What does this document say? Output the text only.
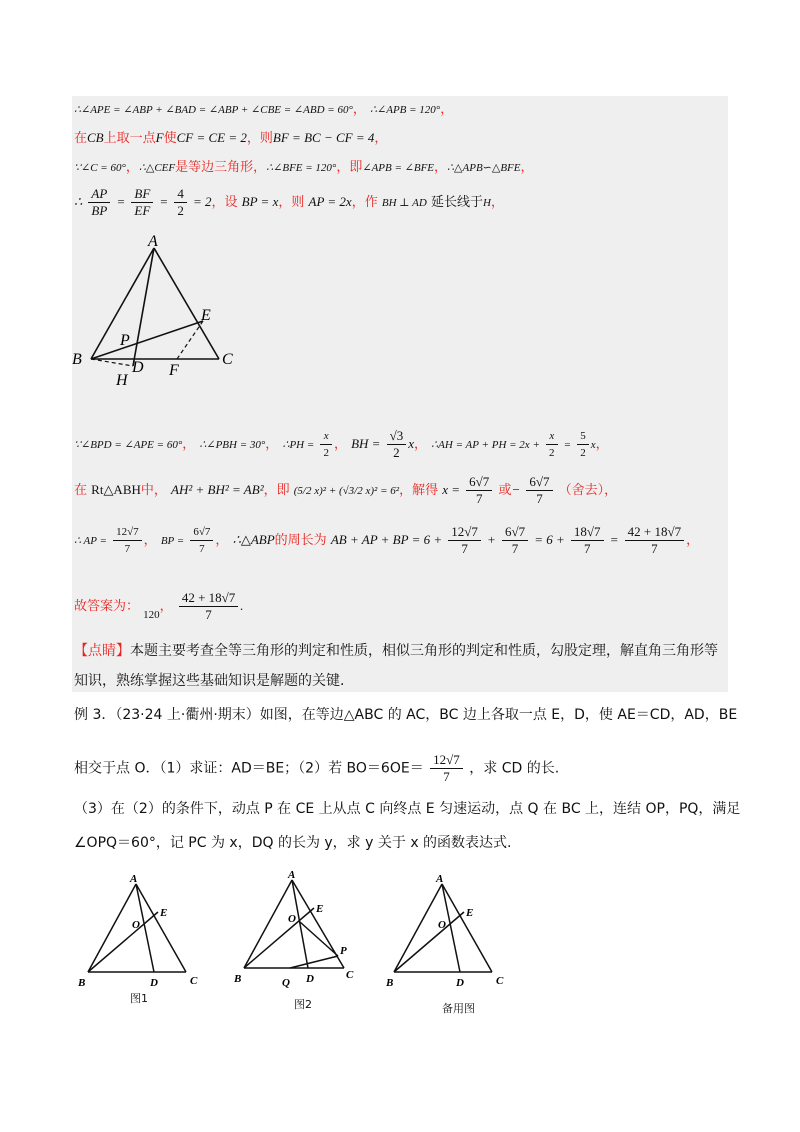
∴∠APE = ∠ABP + ∠BAD = ∠ABP + ∠CBE = ∠ABD = 60°， ∴∠APB = 120°，
在CB上取一点F使CF = CE = 2，则BF = BC − CF = 4，
∵∠C = 60°，∴△CEF是等边三角形，∴∠BFE = 120°，即∠APB = ∠BFE，∴△APB∽△BFE，
∴ $\frac{AP}{BP} = \frac{BF}{EF} = \frac{4}{2} = 2$，设 BP = x，则 AP = 2x，作 BH ⊥ AD 延长线于H，
A
B	C
D
E
F
H
P
∵∠BPD = ∠APE = 60°， ∴∠PBH = 30°， ∴PH = $\frac{x}{2}$ ， BH = $\frac{√3}{2}$ x， ∴AH = AP + PH = $2x + \frac{x}{2} = \frac{5}{2}$ x，
在 Rt△ABH中， AH² + BH² = AB²，即 (5/2 x)² + (√3/2 x)² = 6²，解得 $x = \frac{6√7}{7}$ 或− $\frac{6√7}{7}$ （舍去），
∴ AP = $\frac{12√7}{7}$ ， BP = $\frac{6√7}{7}$ ， ∴△ABP的周长为 AB + AP + BP = $6 + \frac{12√7}{7} + \frac{6√7}{7} = 6 + \frac{18√7}{7} = \frac{42 + 18√7}{7}$ ，
故答案为： $_{120}$， $\frac{42 + 18√7}{7}$ .
【点睛】本题主要考查全等三角形的判定和性质，相似三角形的判定和性质，勾股定理，解直角三角形等知识，熟练掌握这些基础知识是解题的关键.
例 3．（23·24 上·衢州·期末）如图，在等边△ABC 的 AC，BC 边上各取一点 E，D，使 AE＝CD，AD，BE
相交于点 O．（1）求证：AD＝BE；（2）若 $BO=6OE= \frac{12√7}{7}$ ，求 CD 的长.
（3）在（2）的条件下，动点 P 在 CE 上从点 C 向终点 E 匀速运动，点 Q 在 BC 上，连结 OP，PQ，满足
∠OPQ＝60°，记 PC 为 x，DQ 的长为 y，求 y 关于 x 的函数表达式.
A
B	C
D
E
O
图1
A
B	C
D
E
O
P
Q
图2
A
B	C
D
E
O
备用图
